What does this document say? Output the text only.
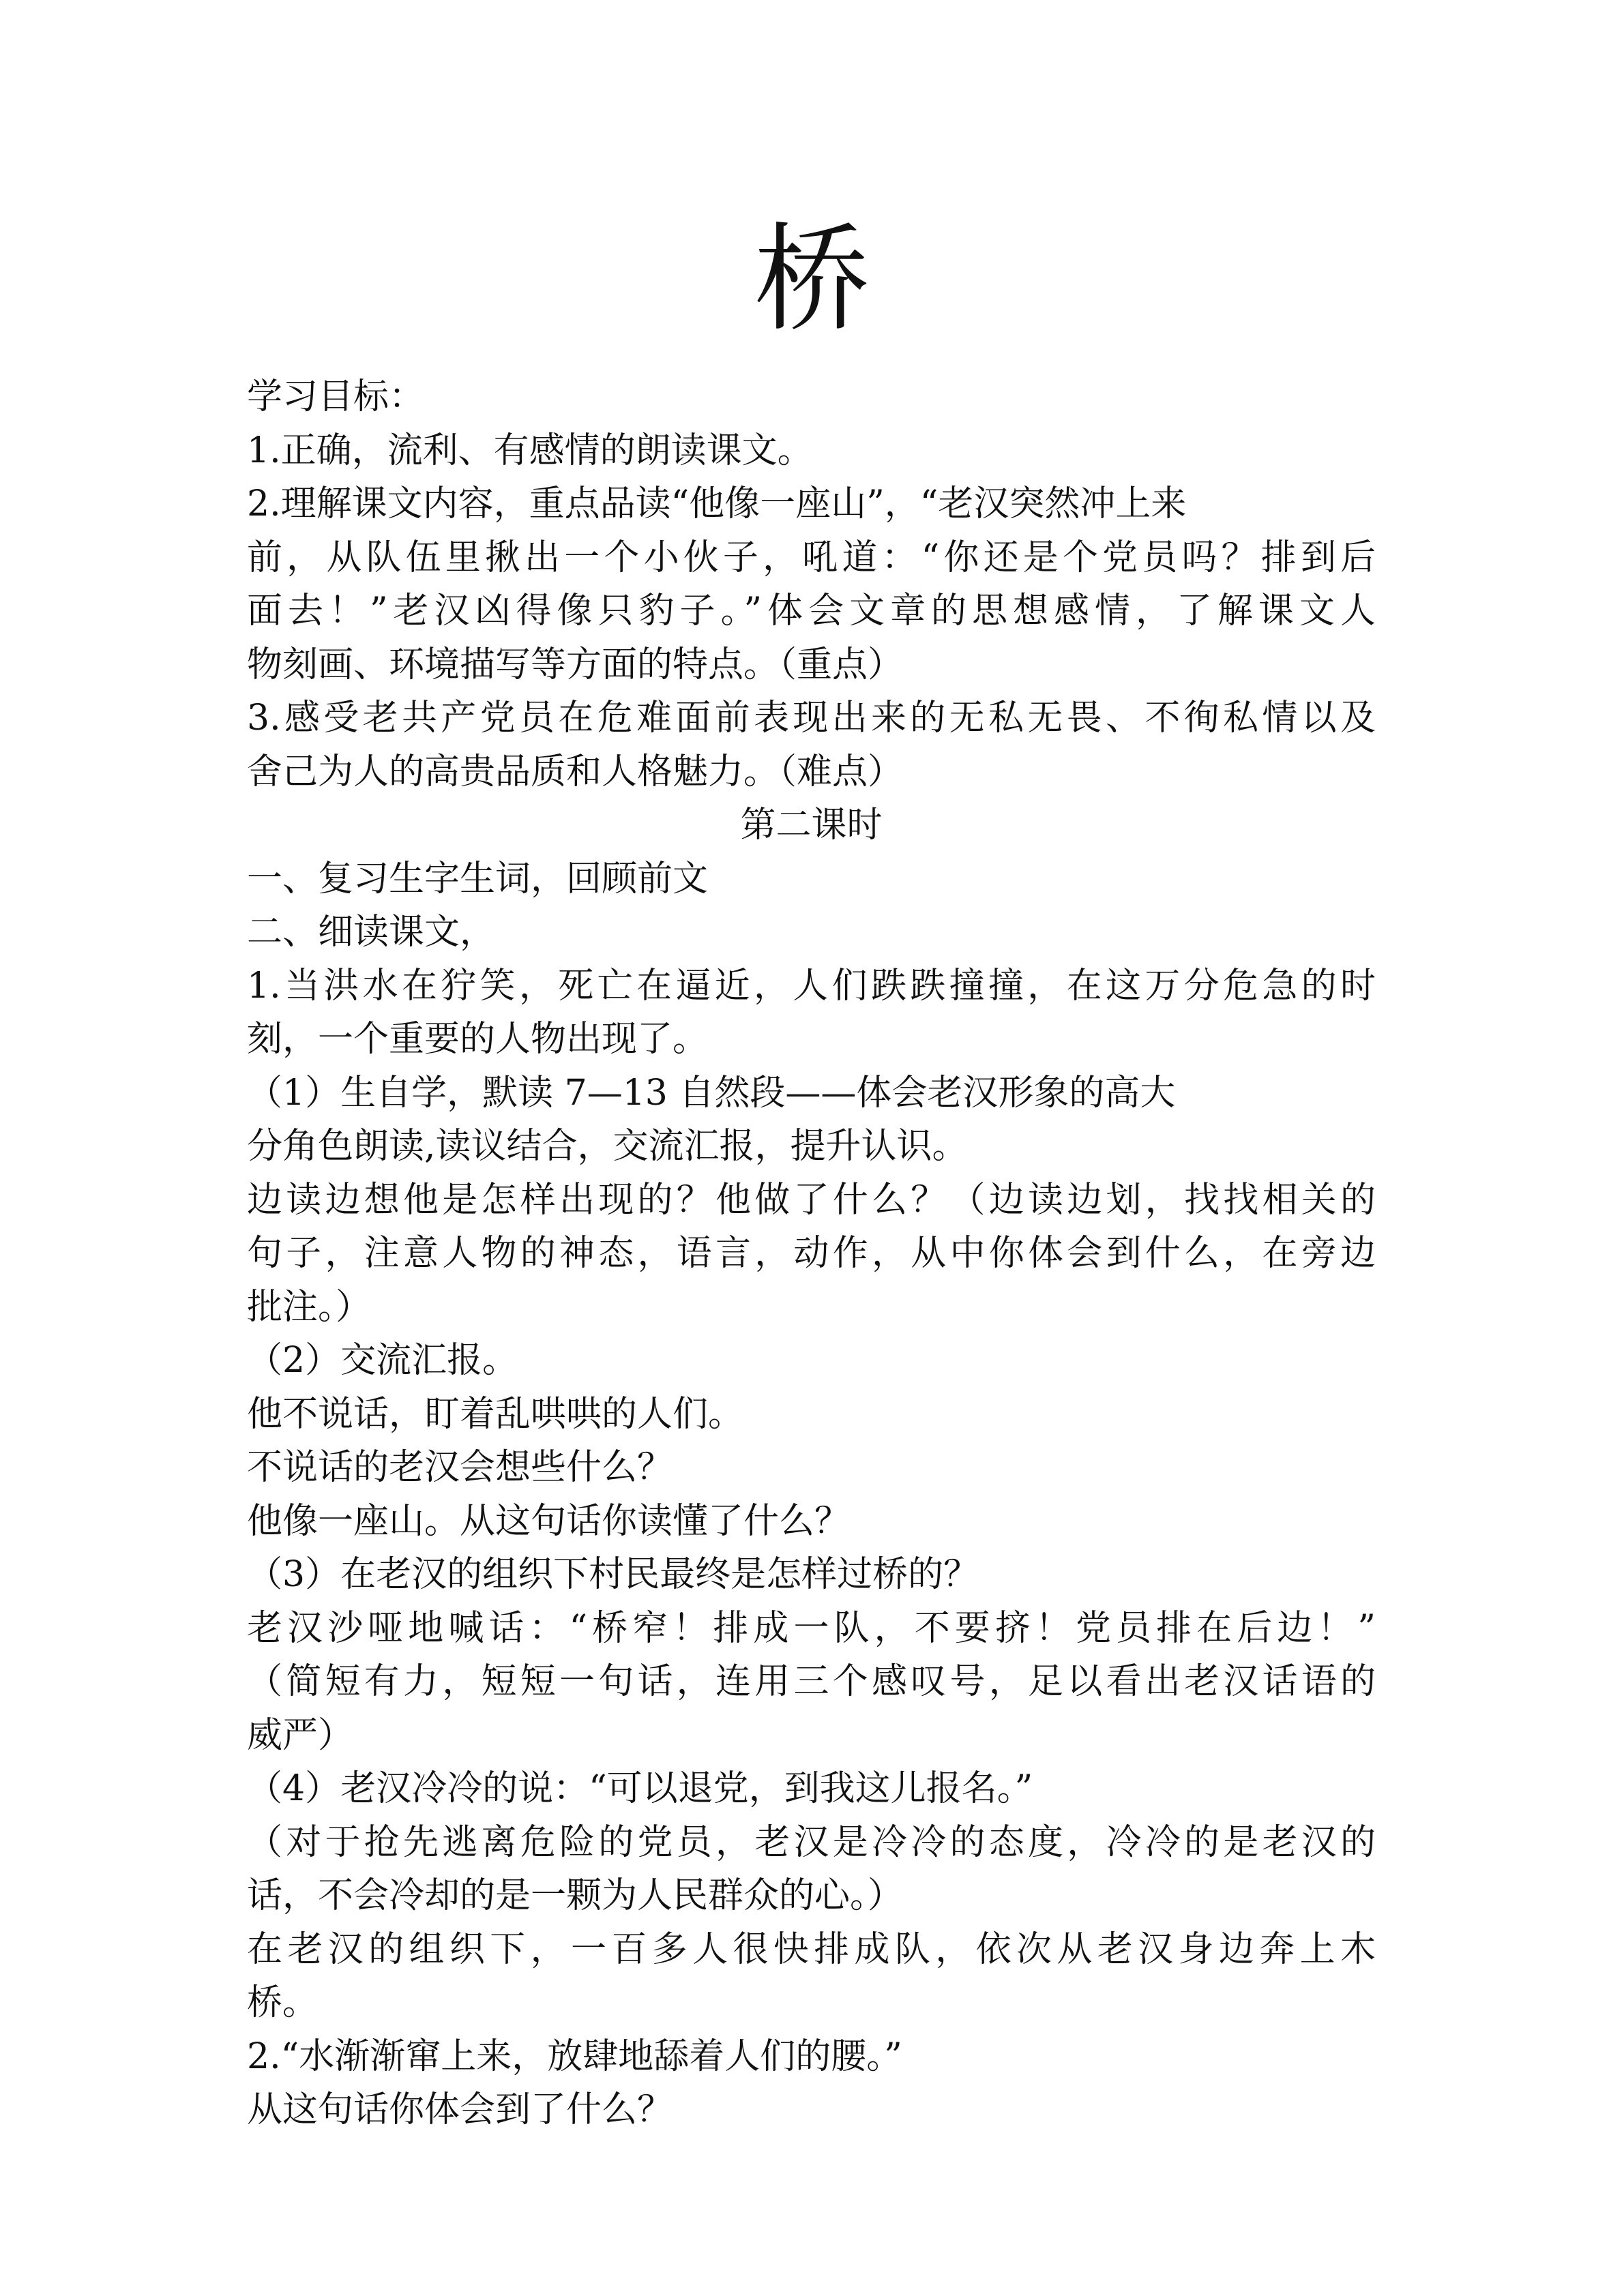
桥
学习目标：
1.正确，流利、有感情的朗读课文。
2.理解课文内容，重点品读“他像一座山”，“老汉突然冲上来
前，从队伍里揪出一个小伙子，吼道：“你还是个党员吗？排到后
面去！”老汉凶得像只豹子。”体会文章的思想感情，了解课文人
物刻画、环境描写等方面的特点。（重点）
3.感受老共产党员在危难面前表现出来的无私无畏、不徇私情以及
舍己为人的高贵品质和人格魅力。（难点）
第二课时
一、复习生字生词，回顾前文
二、细读课文，
1.当洪水在狞笑，死亡在逼近，人们跌跌撞撞，在这万分危急的时
刻，一个重要的人物出现了。
（1）生自学，默读 7—13 自然段——体会老汉形象的高大
分角色朗读,读议结合，交流汇报，提升认识。
边读边想他是怎样出现的？他做了什么？（边读边划，找找相关的
句子，注意人物的神态，语言，动作，从中你体会到什么，在旁边
批注。）
（2）交流汇报。
他不说话，盯着乱哄哄的人们。
不说话的老汉会想些什么？
他像一座山。从这句话你读懂了什么？
（3）在老汉的组织下村民最终是怎样过桥的？
老汉沙哑地喊话：“桥窄！排成一队，不要挤！党员排在后边！”
（简短有力，短短一句话，连用三个感叹号，足以看出老汉话语的
威严）
（4）老汉冷冷的说：“可以退党，到我这儿报名。”
（对于抢先逃离危险的党员，老汉是冷冷的态度，冷冷的是老汉的
话，不会冷却的是一颗为人民群众的心。）
在老汉的组织下，一百多人很快排成队，依次从老汉身边奔上木
桥。
2.“水渐渐窜上来，放肆地舔着人们的腰。”
从这句话你体会到了什么？
